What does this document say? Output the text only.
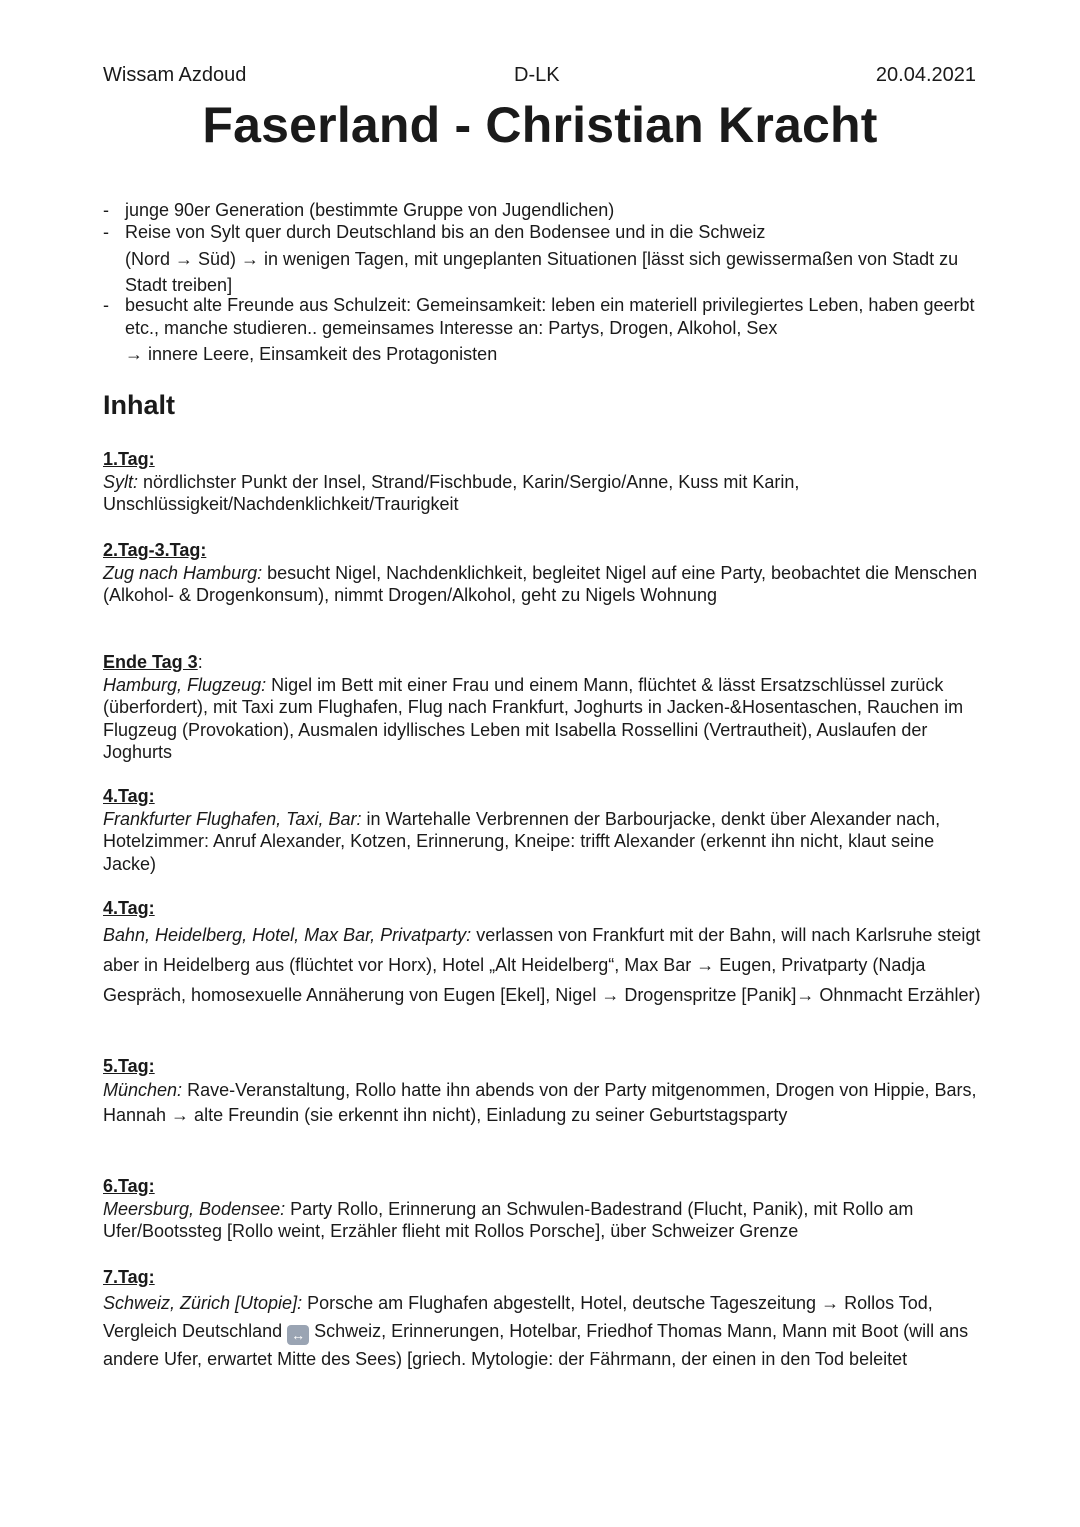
Wissam Azdoud	D-LK	20.04.2021
Faserland - Christian Kracht
- junge 90er Generation (bestimmte Gruppe von Jugendlichen)
- Reise von Sylt quer durch Deutschland bis an den Bodensee und in die Schweiz
(Nord → Süd) → in wenigen Tagen, mit ungeplanten Situationen [lässt sich gewissermaßen von Stadt zu Stadt treiben]
- besucht alte Freunde aus Schulzeit: Gemeinsamkeit: leben ein materiell privilegiertes Leben, haben geerbt etc., manche studieren.. gemeinsames Interesse an: Partys, Drogen, Alkohol, Sex
→ innere Leere, Einsamkeit des Protagonisten
Inhalt
1.Tag:
Sylt: nördlichster Punkt der Insel, Strand/Fischbude, Karin/Sergio/Anne, Kuss mit Karin, Unschlüssigkeit/Nachdenklichkeit/Traurigkeit
2.Tag-3.Tag:
Zug nach Hamburg: besucht Nigel, Nachdenklichkeit, begleitet Nigel auf eine Party, beobachtet die Menschen (Alkohol- & Drogenkonsum), nimmt Drogen/Alkohol, geht zu Nigels Wohnung
Ende Tag 3:
Hamburg, Flugzeug: Nigel im Bett mit einer Frau und einem Mann, flüchtet & lässt Ersatzschlüssel zurück (überfordert), mit Taxi zum Flughafen, Flug nach Frankfurt, Joghurts in Jacken-&Hosentaschen, Rauchen im Flugzeug (Provokation), Ausmalen idyllisches Leben mit Isabella Rossellini (Vertrautheit), Auslaufen der Joghurts
4.Tag:
Frankfurter Flughafen, Taxi, Bar: in Wartehalle Verbrennen der Barbourjacke, denkt über Alexander nach, Hotelzimmer: Anruf Alexander, Kotzen, Erinnerung, Kneipe: trifft Alexander (erkennt ihn nicht, klaut seine Jacke)
4.Tag:
Bahn, Heidelberg, Hotel, Max Bar, Privatparty: verlassen von Frankfurt mit der Bahn, will nach Karlsruhe steigt aber in Heidelberg aus (flüchtet vor Horx), Hotel „Alt Heidelberg“, Max Bar → Eugen, Privatparty (Nadja Gespräch, homosexuelle Annäherung von Eugen [Ekel], Nigel → Drogenspritze [Panik]→ Ohnmacht Erzähler)
5.Tag:
München: Rave-Veranstaltung, Rollo hatte ihn abends von der Party mitgenommen, Drogen von Hippie, Bars, Hannah → alte Freundin (sie erkennt ihn nicht), Einladung zu seiner Geburtstagsparty
6.Tag:
Meersburg, Bodensee: Party Rollo, Erinnerung an Schwulen-Badestrand (Flucht, Panik), mit Rollo am Ufer/Bootssteg [Rollo weint, Erzähler flieht mit Rollos Porsche], über Schweizer Grenze
7.Tag:
Schweiz, Zürich [Utopie]: Porsche am Flughafen abgestellt, Hotel, deutsche Tageszeitung → Rollos Tod, Vergleich Deutschland ↔ Schweiz, Erinnerungen, Hotelbar, Friedhof Thomas Mann, Mann mit Boot (will ans andere Ufer, erwartet Mitte des Sees) [griech. Mytologie: der Fährmann, der einen in den Tod beleitet
